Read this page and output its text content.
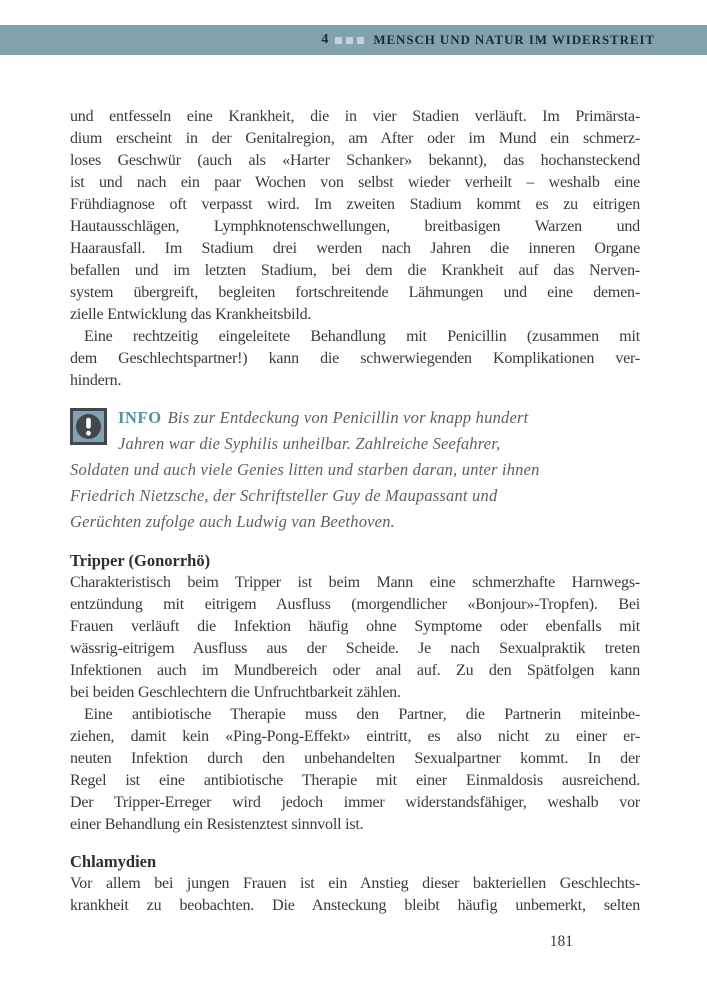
4	MENSCH UND NATUR IM WIDERSTREIT
und entfesseln eine Krankheit, die in vier Stadien verläuft. Im Primärsta-
dium erscheint in der Genitalregion, am After oder im Mund ein schmerz-
loses Geschwür (auch als «Harter Schanker» bekannt), das hochansteckend
ist und nach ein paar Wochen von selbst wieder verheilt – weshalb eine
Frühdiagnose oft verpasst wird. Im zweiten Stadium kommt es zu eitrigen
Hautausschlägen, Lymphknotenschwellungen, breitbasigen Warzen und
Haarausfall. Im Stadium drei werden nach Jahren die inneren Organe
befallen und im letzten Stadium, bei dem die Krankheit auf das Nerven-
system übergreift, begleiten fortschreitende Lähmungen und eine demen-
zielle Entwicklung das Krankheitsbild.
Eine rechtzeitig eingeleitete Behandlung mit Penicillin (zusammen mit
dem Geschlechtspartner!) kann die schwerwiegenden Komplikationen ver-
hindern.
INFO Bis zur Entdeckung von Penicillin vor knapp hundert
Jahren war die Syphilis unheilbar. Zahlreiche Seefahrer,
Soldaten und auch viele Genies litten und starben daran, unter ihnen
Friedrich Nietzsche, der Schriftsteller Guy de Maupassant und
Gerüchten zufolge auch Ludwig van Beethoven.
Tripper (Gonorrhö)
Charakteristisch beim Tripper ist beim Mann eine schmerzhafte Harnwegs-
entzündung mit eitrigem Ausfluss (morgendlicher «Bonjour»-Tropfen). Bei
Frauen verläuft die Infektion häufig ohne Symptome oder ebenfalls mit
wässrig-eitrigem Ausfluss aus der Scheide. Je nach Sexualpraktik treten
Infektionen auch im Mundbereich oder anal auf. Zu den Spätfolgen kann
bei beiden Geschlechtern die Unfruchtbarkeit zählen.
Eine antibiotische Therapie muss den Partner, die Partnerin miteinbe-
ziehen, damit kein «Ping-Pong-Effekt» eintritt, es also nicht zu einer er-
neuten Infektion durch den unbehandelten Sexualpartner kommt. In der
Regel ist eine antibiotische Therapie mit einer Einmaldosis ausreichend.
Der Tripper-Erreger wird jedoch immer widerstandsfähiger, weshalb vor
einer Behandlung ein Resistenztest sinnvoll ist.
Chlamydien
Vor allem bei jungen Frauen ist ein Anstieg dieser bakteriellen Geschlechts-
krankheit zu beobachten. Die Ansteckung bleibt häufig unbemerkt, selten
181
